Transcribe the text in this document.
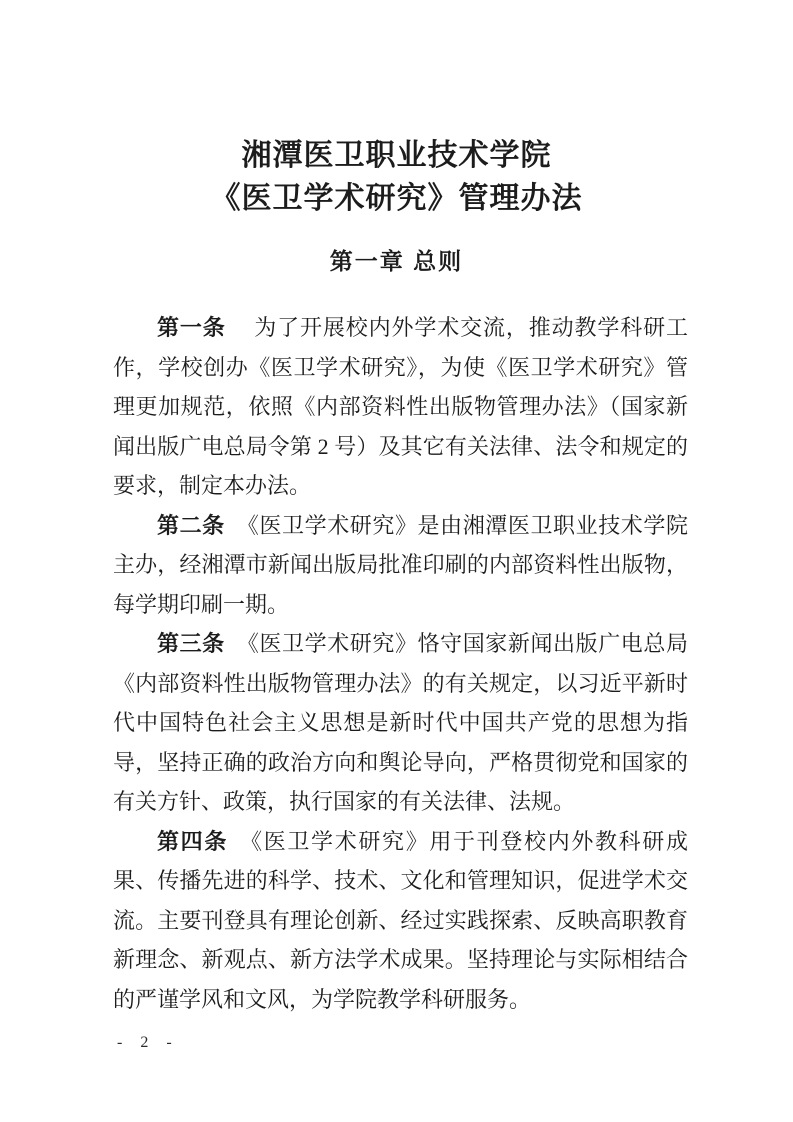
湘潭医卫职业技术学院
《医卫学术研究》管理办法
第一章 总则

第一条 为了开展校内外学术交流，推动教学科研工作，学校创办《医卫学术研究》，为使《医卫学术研究》管理更加规范，依照《内部资料性出版物管理办法》（国家新闻出版广电总局令第 2 号）及其它有关法律、法令和规定的要求，制定本办法。

第二条 《医卫学术研究》是由湘潭医卫职业技术学院主办，经湘潭市新闻出版局批准印刷的内部资料性出版物，每学期印刷一期。

第三条 《医卫学术研究》恪守国家新闻出版广电总局《内部资料性出版物管理办法》的有关规定，以习近平新时代中国特色社会主义思想是新时代中国共产党的思想为指导，坚持正确的政治方向和舆论导向，严格贯彻党和国家的有关方针、政策，执行国家的有关法律、法规。

第四条 《医卫学术研究》用于刊登校内外教科研成果、传播先进的科学、技术、文化和管理知识，促进学术交流。主要刊登具有理论创新、经过实践探索、反映高职教育新理念、新观点、新方法学术成果。坚持理论与实际相结合的严谨学风和文风，为学院教学科研服务。

- 2 -
